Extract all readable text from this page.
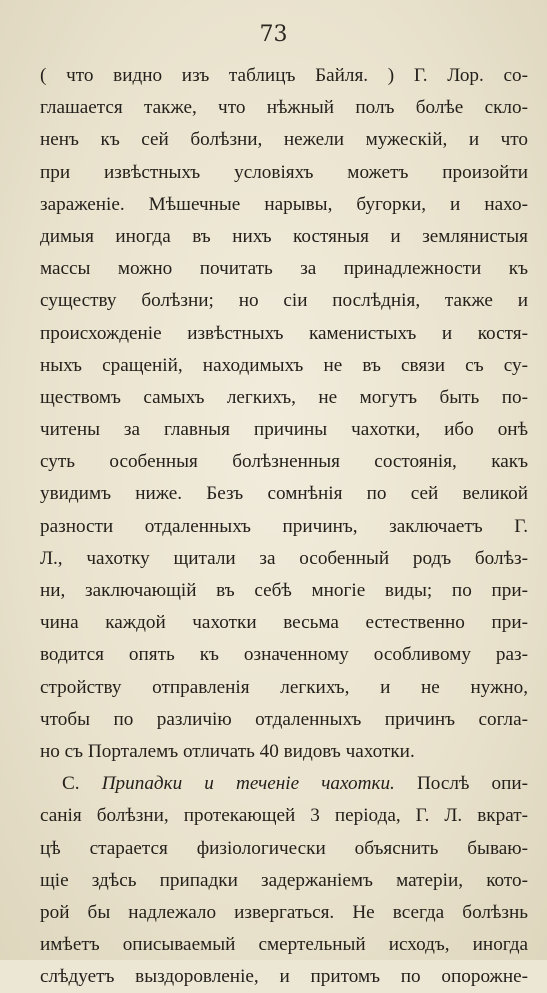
73
( что видно изъ таблицъ Байля. ) Г. Лор. со-
глашается также, что нѣжный полъ болѣе скло-
ненъ къ сей болѣзни, нежели мужескій, и что
при извѣстныхъ условіяхъ можетъ произойти
зараженіе. Мѣшечные нарывы, бугорки, и нахо-
димыя иногда въ нихъ костяныя и землянистыя
массы можно почитать за принадлежности къ
существу болѣзни; но сіи послѣднія, также и
происхожденіе извѣстныхъ каменистыхъ и костя-
ныхъ сращеній, находимыхъ не въ связи съ су-
ществомъ самыхъ легкихъ, не могутъ быть по-
читены за главныя причины чахотки, ибо онѣ
суть особенныя болѣзненныя состоянія, какъ
увидимъ ниже. Безъ сомнѣнія по сей великой
разности отдаленныхъ причинъ, заключаетъ Г.
Л., чахотку щитали за особенный родъ болѣз-
ни, заключающій въ себѣ многіе виды; по при-
чина каждой чахотки весьма естественно при-
водится опять къ означенному особливому раз-
стройству отправленія легкихъ, и не нужно,
чтобы по различію отдаленныхъ причинъ согла-
но съ Порталемъ отличать 40 видовъ чахотки.
С. Припадки и теченіе чахотки. Послѣ опи-
санія болѣзни, протекающей 3 періода, Г. Л. вкрат-
цѣ старается физіологически объяснить бываю-
щіе здѣсь припадки задержаніемъ матеріи, кото-
рой бы надлежало извергаться. Не всегда болѣзнь
имѣетъ описываемый смертельный исходъ, иногда
слѣдуетъ выздоровленіе, и притомъ по опорожне-
